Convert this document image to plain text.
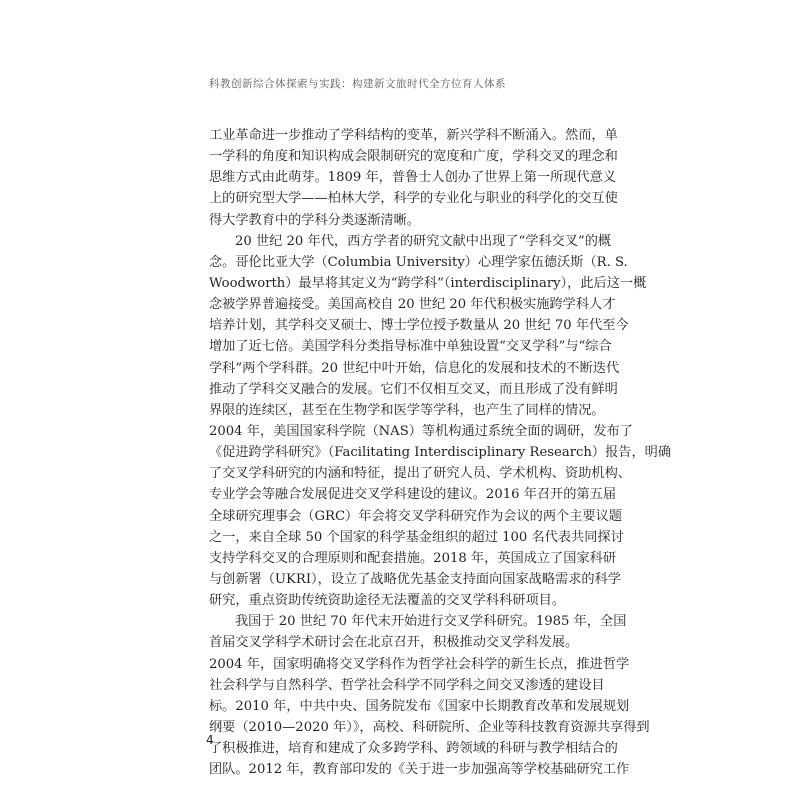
科教创新综合体探索与实践：构建新文旅时代全方位育人体系
工业革命进一步推动了学科结构的变革，新兴学科不断涌入。然而，单
一学科的角度和知识构成会限制研究的宽度和广度，学科交叉的理念和
思维方式由此萌芽。1809 年，普鲁士人创办了世界上第一所现代意义
上的研究型大学——柏林大学，科学的专业化与职业的科学化的交互使
得大学教育中的学科分类逐渐清晰。
20 世纪 20 年代，西方学者的研究文献中出现了“学科交叉”的概
念。哥伦比亚大学（Columbia University）心理学家伍德沃斯（R. S.
Woodworth）最早将其定义为“跨学科”（interdisciplinary），此后这一概
念被学界普遍接受。美国高校自 20 世纪 20 年代积极实施跨学科人才
培养计划，其学科交叉硕士、博士学位授予数量从 20 世纪 70 年代至今
增加了近七倍。美国学科分类指导标准中单独设置“交叉学科”与“综合
学科”两个学科群。20 世纪中叶开始，信息化的发展和技术的不断迭代
推动了学科交叉融合的发展。它们不仅相互交叉，而且形成了没有鲜明
界限的连续区，甚至在生物学和医学等学科，也产生了同样的情况。
2004 年，美国国家科学院（NAS）等机构通过系统全面的调研，发布了
《促进跨学科研究》（Facilitating Interdisciplinary Research）报告，明确
了交叉学科研究的内涵和特征，提出了研究人员、学术机构、资助机构、
专业学会等融合发展促进交叉学科建设的建议。2016 年召开的第五届
全球研究理事会（GRC）年会将交叉学科研究作为会议的两个主要议题
之一，来自全球 50 个国家的科学基金组织的超过 100 名代表共同探讨
支持学科交叉的合理原则和配套措施。2018 年，英国成立了国家科研
与创新署（UKRI），设立了战略优先基金支持面向国家战略需求的科学
研究，重点资助传统资助途径无法覆盖的交叉学科科研项目。
我国于 20 世纪 70 年代末开始进行交叉学科研究。1985 年，全国
首届交叉学科学术研讨会在北京召开，积极推动交叉学科发展。
2004 年，国家明确将交叉学科作为哲学社会科学的新生长点，推进哲学
社会科学与自然科学、哲学社会科学不同学科之间交叉渗透的建设目
标。2010 年，中共中央、国务院发布《国家中长期教育改革和发展规划
纲要（2010—2020 年）》，高校、科研院所、企业等科技教育资源共享得到
了积极推进，培育和建成了众多跨学科、跨领域的科研与教学相结合的
团队。2012 年，教育部印发的《关于进一步加强高等学校基础研究工作
4
